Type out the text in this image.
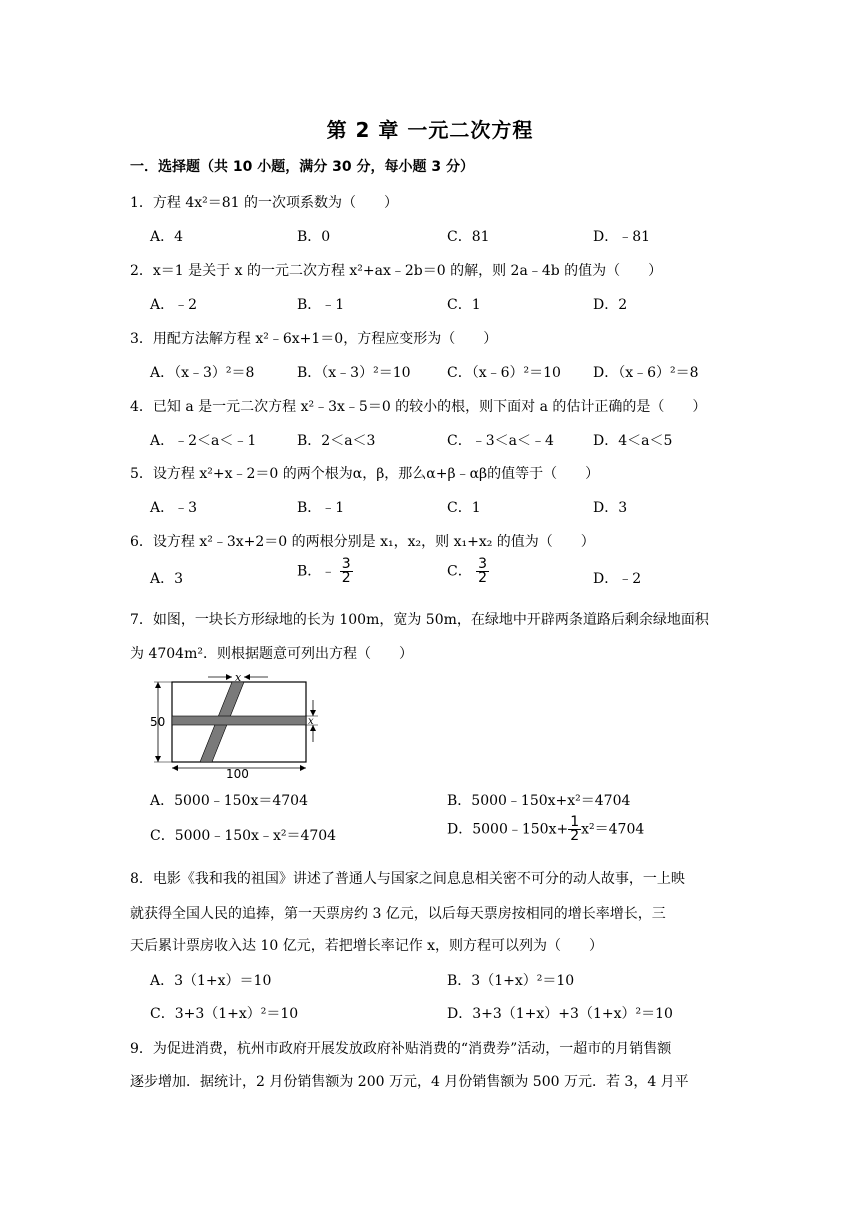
第 2 章 一元二次方程
一．选择题（共 10 小题，满分 30 分，每小题 3 分）
1．方程 4x²＝81 的一次项系数为（　　）
A．4	B．0	C．81	D．﹣81
2．x＝1 是关于 x 的一元二次方程 x²+ax﹣2b＝0 的解，则 2a﹣4b 的值为（　　）
A．﹣2	B．﹣1	C．1	D．2
3．用配方法解方程 x²﹣6x+1＝0，方程应变形为（　　）
A．（x﹣3）²＝8	B．（x﹣3）²＝10	C．（x﹣6）²＝10 D．（x﹣6）²＝8
4．已知 a 是一元二次方程 x²﹣3x﹣5＝0 的较小的根，则下面对 a 的估计正确的是（　　）
A．﹣2＜a＜﹣1	B．2＜a＜3	C．﹣3＜a＜﹣4	D．4＜a＜5
5．设方程 x²+x﹣2＝0 的两个根为α，β，那么α+β﹣αβ的值等于（　　）
A．﹣3	B．﹣1	C．1	D．3
6．设方程 x²﹣3x+2＝0 的两根分别是 x₁，x₂，则 x₁+x₂ 的值为（　　）
A．3	B．﹣ $\frac{3}{2}$	C． $\frac{3}{2}$	D．﹣2
7．如图，一块长方形绿地的长为 100m，宽为 50m，在绿地中开辟两条道路后剩余绿地面积
为 4704m²．则根据题意可列出方程（　　）
50
100
x
x
A．5000﹣150x＝4704	B．5000﹣150x+x²＝4704
C．5000﹣150x﹣x²＝4704	D．5000﹣150x+ $\frac{1}{2} x^2=4704$
8．电影《我和我的祖国》讲述了普通人与国家之间息息相关密不可分的动人故事，一上映
就获得全国人民的追捧，第一天票房约 3 亿元，以后每天票房按相同的增长率增长，三
天后累计票房收入达 10 亿元，若把增长率记作 x，则方程可以列为（　　）
A．3（1+x）＝10	B．3（1+x）²＝10
C．3+3（1+x）²＝10	D．3+3（1+x）+3（1+x）²＝10
9．为促进消费，杭州市政府开展发放政府补贴消费的“消费券”活动，一超市的月销售额
逐步增加．据统计，2 月份销售额为 200 万元，4 月份销售额为 500 万元．若 3，4 月平
